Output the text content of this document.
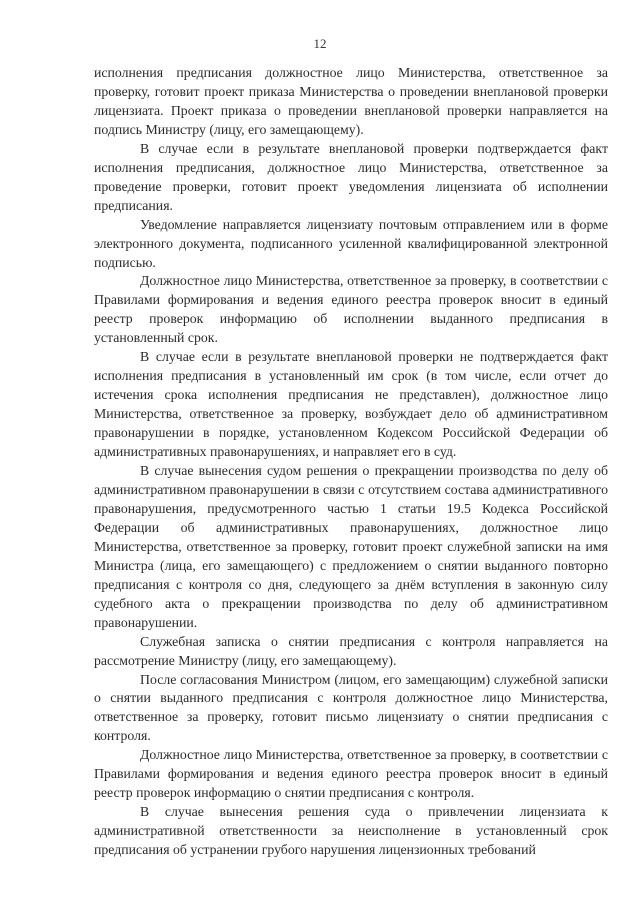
12

исполнения предписания должностное лицо Министерства, ответственное за проверку, готовит проект приказа Министерства о проведении внеплановой проверки лицензиата. Проект приказа о проведении внеплановой проверки направляется на подпись Министру (лицу, его замещающему).

В случае если в результате внеплановой проверки подтверждается факт исполнения предписания, должностное лицо Министерства, ответственное за проведение проверки, готовит проект уведомления лицензиата об исполнении предписания.

Уведомление направляется лицензиату почтовым отправлением или в форме электронного документа, подписанного усиленной квалифицированной электронной подписью.

Должностное лицо Министерства, ответственное за проверку, в соответствии с Правилами формирования и ведения единого реестра проверок вносит в единый реестр проверок информацию об исполнении выданного предписания в установленный срок.

В случае если в результате внеплановой проверки не подтверждается факт исполнения предписания в установленный им срок (в том числе, если отчет до истечения срока исполнения предписания не представлен), должностное лицо Министерства, ответственное за проверку, возбуждает дело об административном правонарушении в порядке, установленном Кодексом Российской Федерации об административных правонарушениях, и направляет его в суд.

В случае вынесения судом решения о прекращении производства по делу об административном правонарушении в связи с отсутствием состава административного правонарушения, предусмотренного частью 1 статьи 19.5 Кодекса Российской Федерации об административных правонарушениях, должностное лицо Министерства, ответственное за проверку, готовит проект служебной записки на имя Министра (лица, его замещающего) с предложением о снятии выданного повторно предписания с контроля со дня, следующего за днём вступления в законную силу судебного акта о прекращении производства по делу об административном правонарушении.

Служебная записка о снятии предписания с контроля направляется на рассмотрение Министру (лицу, его замещающему).

После согласования Министром (лицом, его замещающим) служебной записки о снятии выданного предписания с контроля должностное лицо Министерства, ответственное за проверку, готовит письмо лицензиату о снятии предписания с контроля.

Должностное лицо Министерства, ответственное за проверку, в соответствии с Правилами формирования и ведения единого реестра проверок вносит в единый реестр проверок информацию о снятии предписания с контроля.

В случае вынесения решения суда о привлечении лицензиата к административной ответственности за неисполнение в установленный срок предписания об устранении грубого нарушения лицензионных требований
